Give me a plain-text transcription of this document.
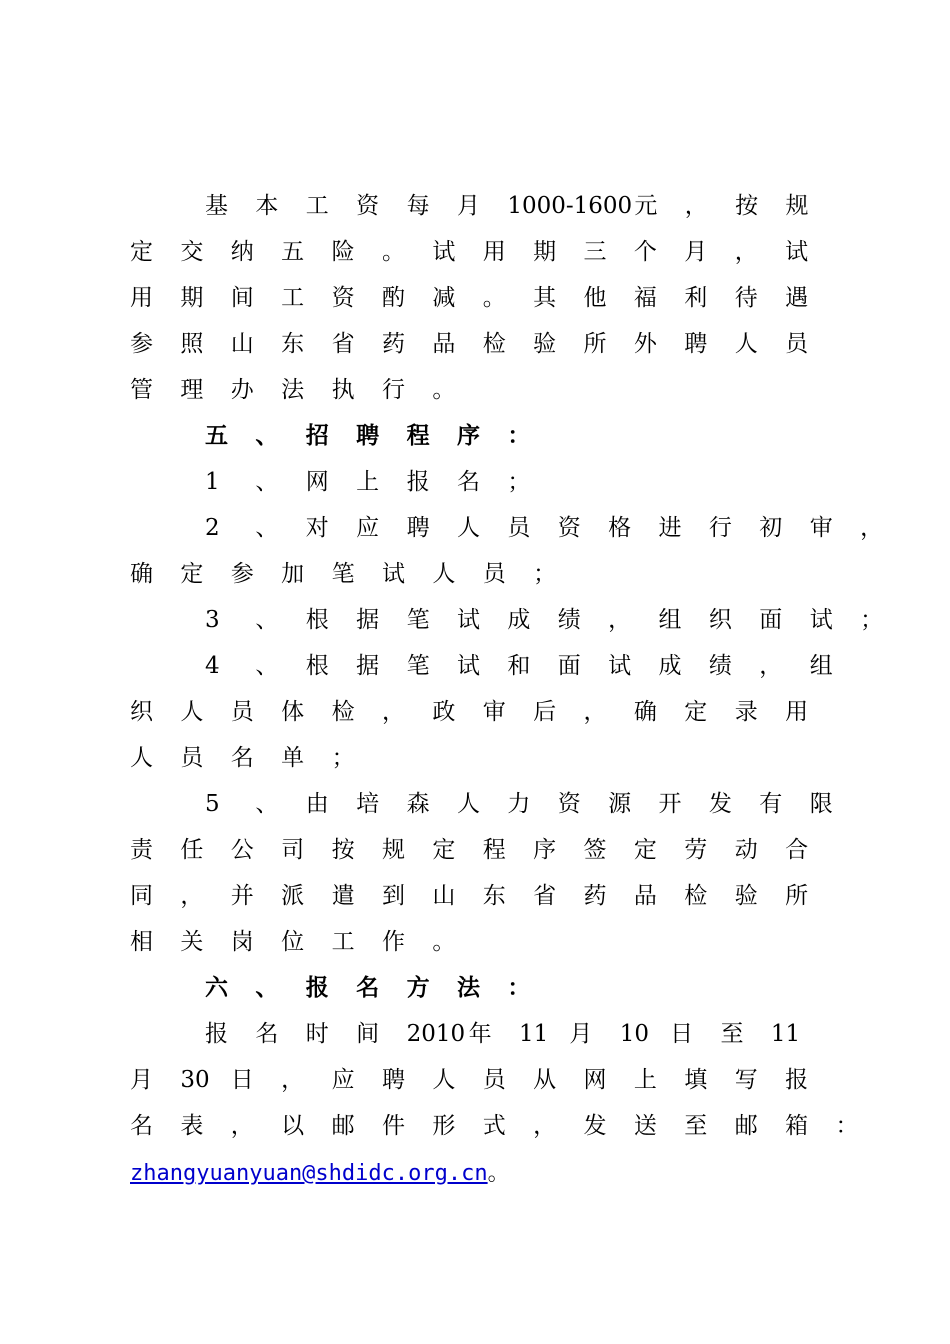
基 本 工 资 每 月 1000-1600元 ， 按 规
定 交 纳 五 险 。 试 用 期 三 个 月 ， 试
用 期 间 工 资 酌 减 。 其 他 福 利 待 遇
参 照 山 东 省 药 品 检 验 所 外 聘 人 员
管 理 办 法 执 行 。
五 、 招 聘 程 序 ：
1 、 网 上 报 名 ；
2 、 对 应 聘 人 员 资 格 进 行 初 审 ，
确 定 参 加 笔 试 人 员 ；
3 、 根 据 笔 试 成 绩 ， 组 织 面 试 ；
4 、 根 据 笔 试 和 面 试 成 绩 ， 组
织 人 员 体 检 ， 政 审 后 ， 确 定 录 用
人 员 名 单 ；
5 、 由 培 森 人 力 资 源 开 发 有 限
责 任 公 司 按 规 定 程 序 签 定 劳 动 合
同 ， 并 派 遣 到 山 东 省 药 品 检 验 所
相 关 岗 位 工 作 。
六 、 报 名 方 法 ：
报 名 时 间 2010 年 11 月 10 日 至 11
月 30 日 ， 应 聘 人 员 从 网 上 填 写 报
名 表 ， 以 邮 件 形 式 ， 发 送 至 邮 箱 ：
zhangyuanyuan@shdidc.org.cn。
